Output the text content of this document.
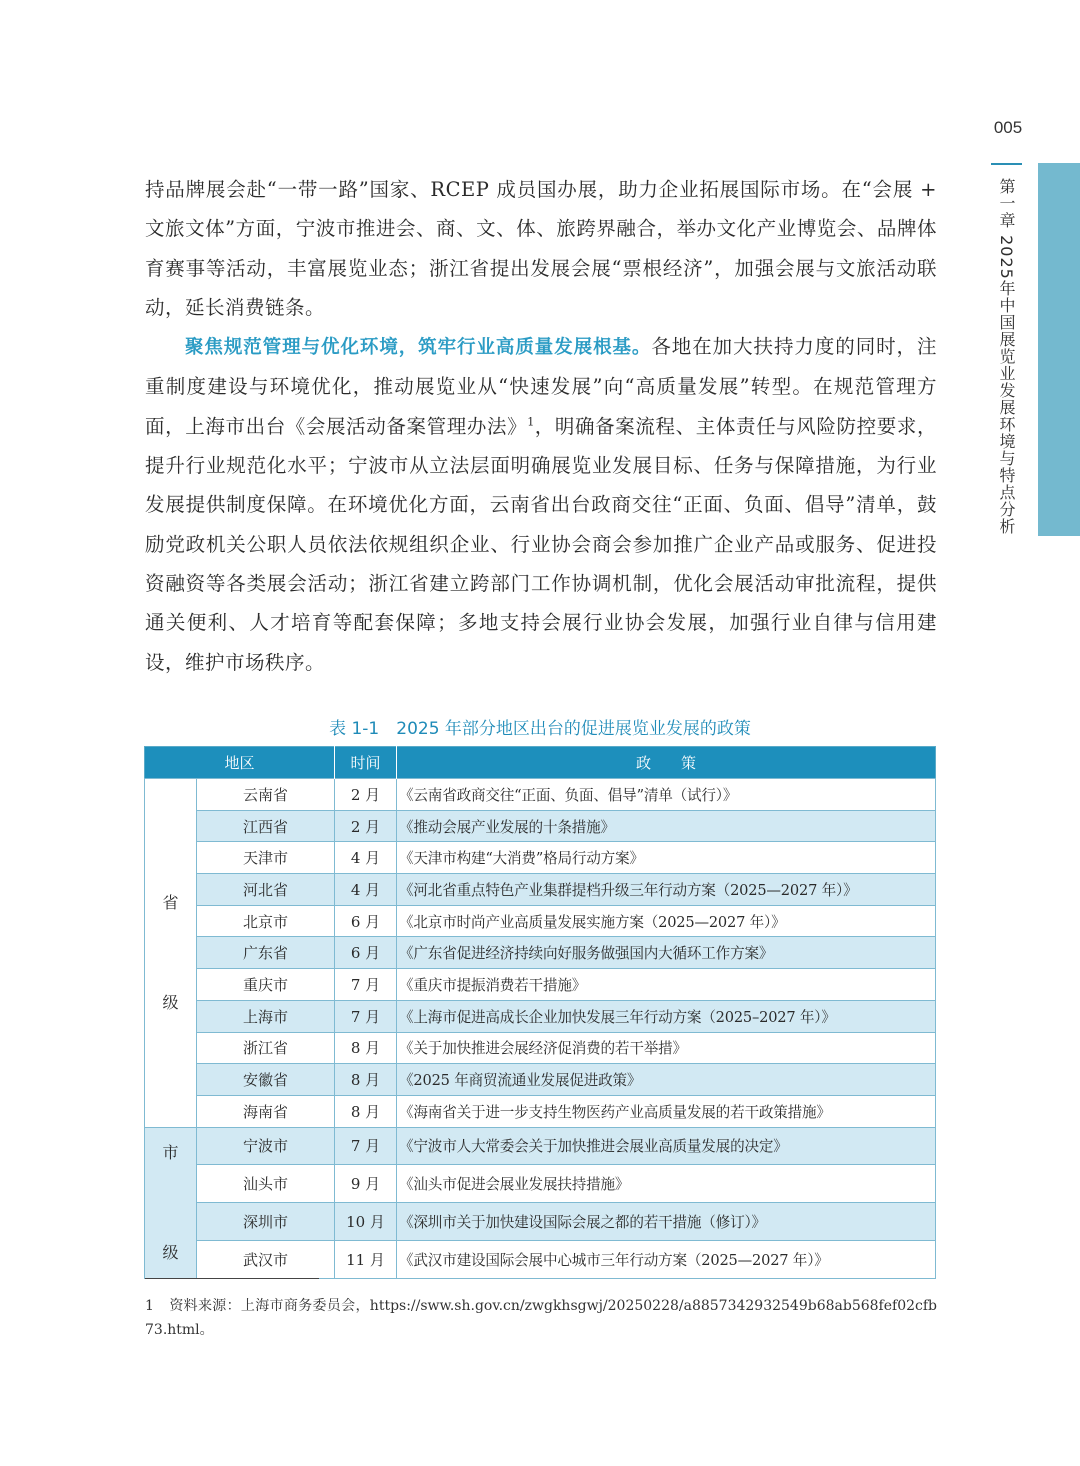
005
第一章 2025年中国展览业发展环境与特点分析

持品牌展会赴“一带一路”国家、RCEP 成员国办展，助力企业拓展国际市场。在“会展 + 文旅文体”方面，宁波市推进会、商、文、体、旅跨界融合，举办文化产业博览会、品牌体育赛事等活动，丰富展览业态；浙江省提出发展会展“票根经济”，加强会展与文旅活动联动，延长消费链条。

聚焦规范管理与优化环境，筑牢行业高质量发展根基。各地在加大扶持力度的同时，注重制度建设与环境优化，推动展览业从“快速发展”向“高质量发展”转型。在规范管理方面，上海市出台《会展活动备案管理办法》$^1$，明确备案流程、主体责任与风险防控要求，提升行业规范化水平；宁波市从立法层面明确展览业发展目标、任务与保障措施，为行业发展提供制度保障。在环境优化方面，云南省出台政商交往“正面、负面、倡导”清单，鼓励党政机关公职人员依法依规组织企业、行业协会商会参加推广企业产品或服务、促进投资融资等各类展会活动；浙江省建立跨部门工作协调机制，优化会展活动审批流程，提供通关便利、人才培育等配套保障；多地支持会展行业协会发展，加强行业自律与信用建设，维护市场秩序。

表 1-1　2025 年部分地区出台的促进展览业发展的政策
地区		时间	政　　策
省

级	云南省	2 月	《云南省政商交往“正面、负面、倡导”清单（试行）》
	江西省	2 月	《推动会展产业发展的十条措施》
	天津市	4 月	《天津市构建“大消费”格局行动方案》
	河北省	4 月	《河北省重点特色产业集群提档升级三年行动方案（2025—2027 年）》
	北京市	6 月	《北京市时尚产业高质量发展实施方案（2025—2027 年）》
	广东省	6 月	《广东省促进经济持续向好服务做强国内大循环工作方案》
	重庆市	7 月	《重庆市提振消费若干措施》
	上海市	7 月	《上海市促进高成长企业加快发展三年行动方案（2025–2027 年）》
	浙江省	8 月	《关于加快推进会展经济促消费的若干举措》
	安徽省	8 月	《2025 年商贸流通业发展促进政策》
	海南省	8 月	《海南省关于进一步支持生物医药产业高质量发展的若干政策措施》
市

级	宁波市	7 月	《宁波市人大常委会关于加快推进会展业高质量发展的决定》
	汕头市	9 月	《汕头市促进会展业发展扶持措施》
	深圳市	10 月	《深圳市关于加快建设国际会展之都的若干措施（修订）》
	武汉市	11 月	《武汉市建设国际会展中心城市三年行动方案（2025—2027 年）》
1 资料来源：上海市商务委员会，https://sww.sh.gov.cn/zwgkhsgwj/20250228/a8857342932549b68ab568fef02cfb73.html。
